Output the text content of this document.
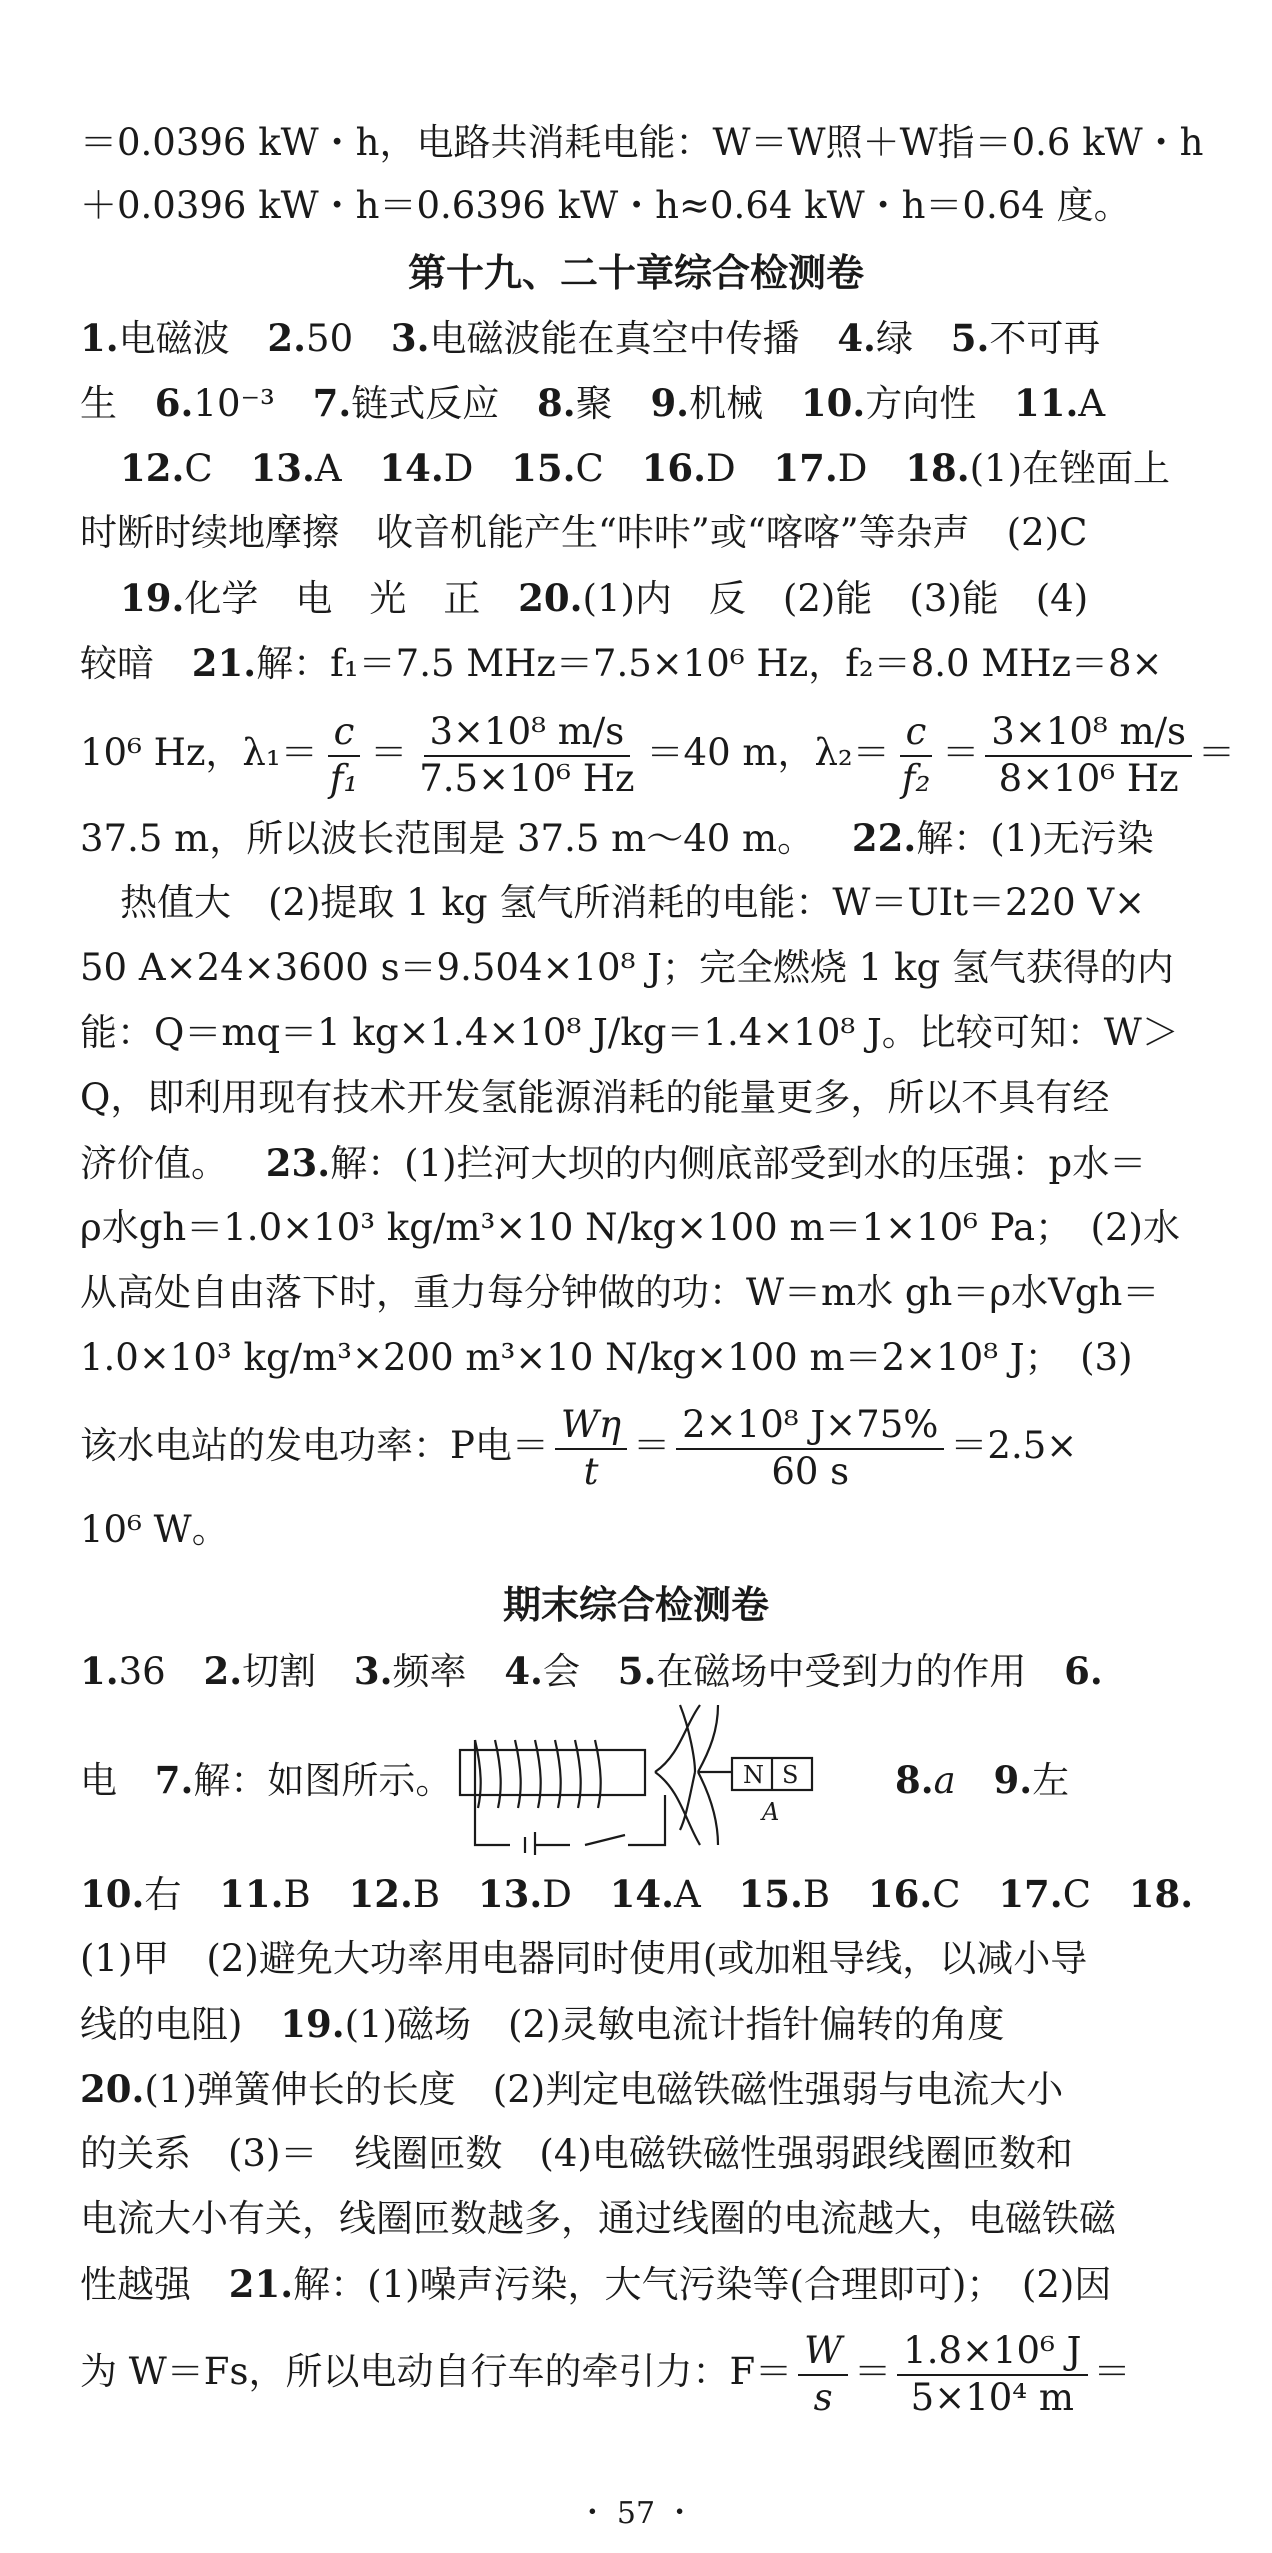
＝0.0396 kW・h，电路共消耗电能：W＝W照＋W指＝0.6 kW・h
＋0.0396 kW・h＝0.6396 kW・h≈0.64 kW・h＝0.64 度。
第十九、二十章综合检测卷
1.电磁波 2.50 3.电磁波能在真空中传播 4.绿 5.不可再
生 6.10⁻³ 7.链式反应 8.聚 9.机械 10.方向性 11.A
12.C 13.A 14.D 15.C 16.D 17.D 18.(1)在锉面上
时断时续地摩擦　收音机能产生“咔咔”或“喀喀”等杂声　(2)C
19.化学　电　光　正 20.(1)内　反　(2)能　(3)能　(4)
较暗 21.解：f₁＝7.5 MHz＝7.5×10⁶ Hz，f₂＝8.0 MHz＝8×
10⁶ Hz，$\lambda_1= \frac{c}{\text{f₁}} = \frac{\text{3×10⁸ m/s}}{\text{7.5×10⁶ Hz}} =40$ m，$\lambda_2= \frac{c}{\text{f₂}} = \frac{\text{3×10⁸ m/s}}{\text{8×10⁶ Hz}}$ ＝
37.5 m，所以波长范围是 37.5 m～40 m。 22.解：(1)无污染
热值大　(2)提取 1 kg 氢气所消耗的电能：W＝UIt＝220 V×
50 A×24×3600 s＝9.504×10⁸ J；完全燃烧 1 kg 氢气获得的内
能：Q＝mq＝1 kg×1.4×10⁸ J/kg＝1.4×10⁸ J。比较可知：W＞
Q，即利用现有技术开发氢能源消耗的能量更多，所以不具有经
济价值。 23.解：(1)拦河大坝的内侧底部受到水的压强：p水＝
ρ水gh＝1.0×10³ kg/m³×10 N/kg×100 m＝1×10⁶ Pa；　(2)水
从高处自由落下时，重力每分钟做的功：W＝m水 gh＝ρ水Vgh＝
1.0×10³ kg/m³×200 m³×10 N/kg×100 m＝2×10⁸ J；　(3)
该水电站的发电功率：P电＝ $\frac{W\eta}{t} = \frac{\text{2×10⁸ J×75\%}}{60 s} =2.5\times$
10⁶ W。
期末综合检测卷
1.36 2.切割 3.频率 4.会 5.在磁场中受到力的作用 6.
电 7.解：如图所示。	N S
A
8.a 9.左
10.右 11.B 12.B 13.D 14.A 15.B 16.C 17.C 18.
(1)甲　(2)避免大功率用电器同时使用(或加粗导线，以减小导
线的电阻) 19.(1)磁场　(2)灵敏电流计指针偏转的角度
20.(1)弹簧伸长的长度　(2)判定电磁铁磁性强弱与电流大小
的关系　(3)＝　线圈匝数　(4)电磁铁磁性强弱跟线圈匝数和
电流大小有关，线圈匝数越多，通过线圈的电流越大，电磁铁磁
性越强 21.解：(1)噪声污染，大气污染等(合理即可)；　(2)因
为 W＝Fs，所以电动自行车的牵引力：$F= \frac{W}{s} = \frac{\text{1.8×10⁶ J}}{\text{5×10⁴ m}}$ ＝
・ 57 ・
